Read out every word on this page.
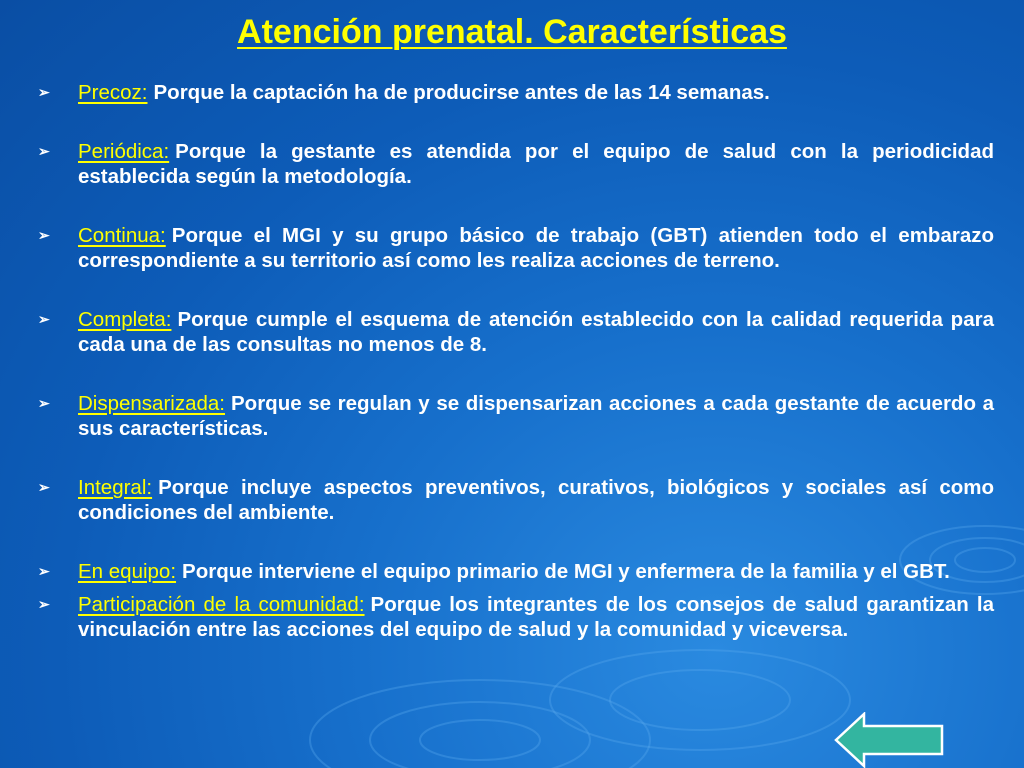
Atención prenatal. Características
➢ Precoz: Porque la captación ha de producirse antes de las 14 semanas.
➢ Periódica: Porque la gestante es atendida por el equipo de salud con la periodicidad establecida según la metodología.
➢ Continua: Porque el MGI y su grupo básico de trabajo (GBT) atienden todo el embarazo correspondiente a su territorio así como les realiza acciones de terreno.
➢ Completa: Porque cumple el esquema de atención establecido con la calidad requerida para cada una de las consultas no menos de 8.
➢ Dispensarizada: Porque se regulan y se dispensarizan acciones a cada gestante de acuerdo a sus características.
➢ Integral: Porque incluye aspectos preventivos, curativos, biológicos y sociales así como condiciones del ambiente.
➢ En equipo: Porque interviene el equipo primario de MGI y enfermera de la familia y el GBT.
➢ Participación de la comunidad: Porque los integrantes de los consejos de salud garantizan la vinculación entre las acciones del equipo de salud y la comunidad y viceversa.
